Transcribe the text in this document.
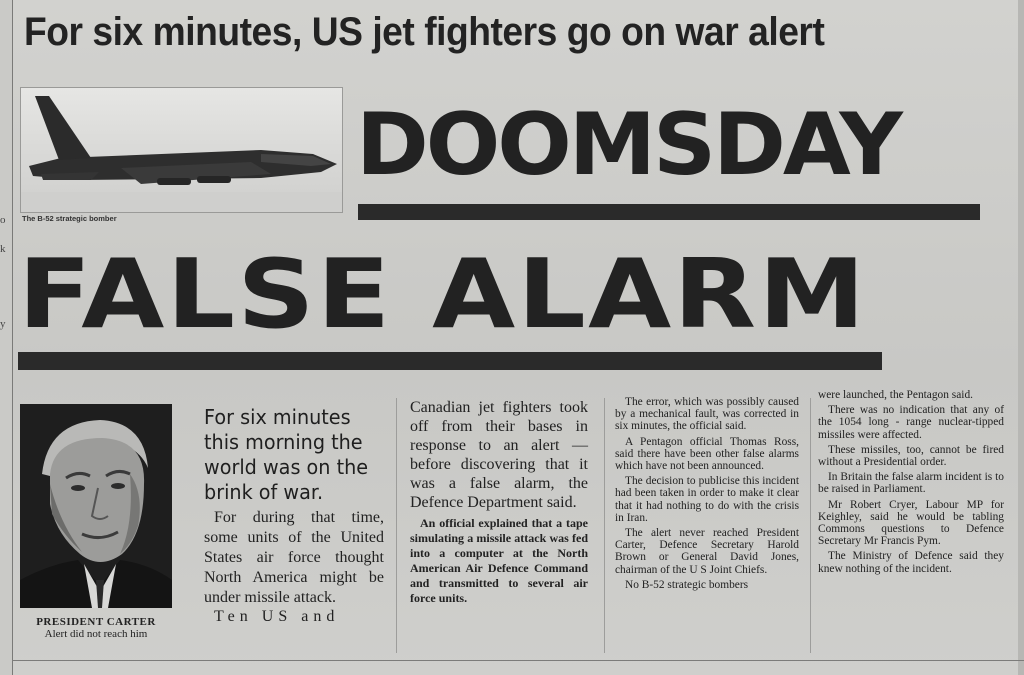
o
k
y
For six minutes, US jet fighters go on war alert
The B-52 strategic bomber
DOOMSDAY
FALSE ALARM
PRESIDENT CARTER
Alert did not reach him
For six minutes this morning the world was on the brink of war.
For during that time, some units of the United States air force thought North America might be under missile attack.
Ten US and
Canadian jet fighters took off from their bases in response to an alert — before discovering that it was a false alarm, the Defence Department said.
An official explained that a tape simulating a missile attack was fed into a computer at the North American Air Defence Command and transmitted to several air force units.

The error, which was possibly caused by a mechanical fault, was corrected in six minutes, the official said.

A Pentagon official Thomas Ross, said there have been other false alarms which have not been announced.

The decision to publicise this incident had been taken in order to make it clear that it had nothing to do with the crisis in Iran.

The alert never reached President Carter, Defence Secretary Harold Brown or General David Jones, chairman of the U S Joint Chiefs.

No B-52 strategic bombers

were launched, the Pentagon said.

There was no indication that any of the 1054 long - range nuclear-tipped missiles were affected.

These missiles, too, cannot be fired without a Presidential order.

In Britain the false alarm incident is to be raised in Parliament.

Mr Robert Cryer, Labour MP for Keighley, said he would be tabling Commons questions to Defence Secretary Mr Francis Pym.

The Ministry of Defence said they knew nothing of the incident.
